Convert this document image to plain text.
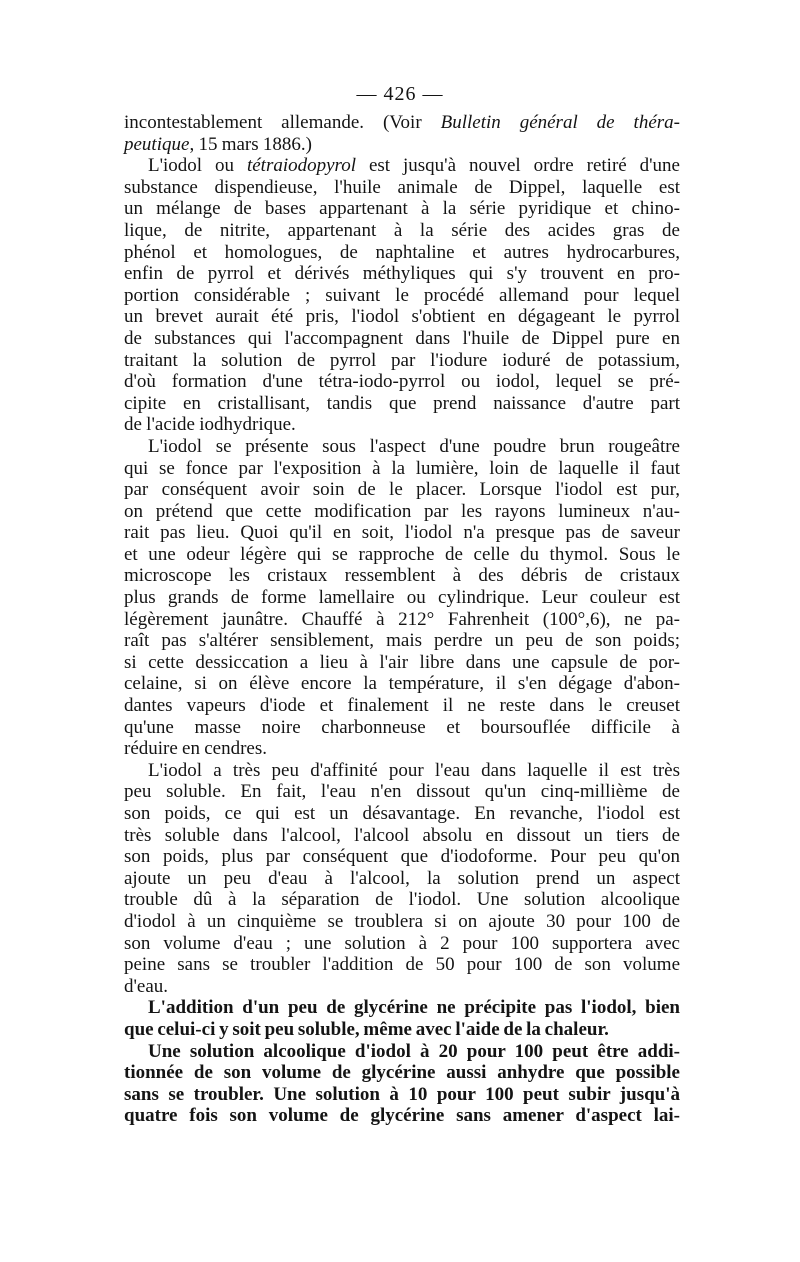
— 426 —
incontestablement allemande. (Voir Bulletin général de théra-
peutique, 15 mars 1886.)
L'iodol ou tétraiodopyrol est jusqu'à nouvel ordre retiré d'une
substance dispendieuse, l'huile animale de Dippel, laquelle est
un mélange de bases appartenant à la série pyridique et chino-
lique, de nitrite, appartenant à la série des acides gras de
phénol et homologues, de naphtaline et autres hydrocarbures,
enfin de pyrrol et dérivés méthyliques qui s'y trouvent en pro-
portion considérable ; suivant le procédé allemand pour lequel
un brevet aurait été pris, l'iodol s'obtient en dégageant le pyrrol
de substances qui l'accompagnent dans l'huile de Dippel pure en
traitant la solution de pyrrol par l'iodure ioduré de potassium,
d'où formation d'une tétra-iodo-pyrrol ou iodol, lequel se pré-
cipite en cristallisant, tandis que prend naissance d'autre part
de l'acide iodhydrique.
L'iodol se présente sous l'aspect d'une poudre brun rougeâtre
qui se fonce par l'exposition à la lumière, loin de laquelle il faut
par conséquent avoir soin de le placer. Lorsque l'iodol est pur,
on prétend que cette modification par les rayons lumineux n'au-
rait pas lieu. Quoi qu'il en soit, l'iodol n'a presque pas de saveur
et une odeur légère qui se rapproche de celle du thymol. Sous le
microscope les cristaux ressemblent à des débris de cristaux
plus grands de forme lamellaire ou cylindrique. Leur couleur est
légèrement jaunâtre. Chauffé à 212° Fahrenheit (100°,6), ne pa-
raît pas s'altérer sensiblement, mais perdre un peu de son poids;
si cette dessiccation a lieu à l'air libre dans une capsule de por-
celaine, si on élève encore la température, il s'en dégage d'abon-
dantes vapeurs d'iode et finalement il ne reste dans le creuset
qu'une masse noire charbonneuse et boursouflée difficile à
réduire en cendres.
L'iodol a très peu d'affinité pour l'eau dans laquelle il est très
peu soluble. En fait, l'eau n'en dissout qu'un cinq-millième de
son poids, ce qui est un désavantage. En revanche, l'iodol est
très soluble dans l'alcool, l'alcool absolu en dissout un tiers de
son poids, plus par conséquent que d'iodoforme. Pour peu qu'on
ajoute un peu d'eau à l'alcool, la solution prend un aspect
trouble dû à la séparation de l'iodol. Une solution alcoolique
d'iodol à un cinquième se troublera si on ajoute 30 pour 100 de
son volume d'eau ; une solution à 2 pour 100 supportera avec
peine sans se troubler l'addition de 50 pour 100 de son volume
d'eau.
L'addition d'un peu de glycérine ne précipite pas l'iodol, bien
que celui-ci y soit peu soluble, même avec l'aide de la chaleur.
Une solution alcoolique d'iodol à 20 pour 100 peut être addi-
tionnée de son volume de glycérine aussi anhydre que possible
sans se troubler. Une solution à 10 pour 100 peut subir jusqu'à
quatre fois son volume de glycérine sans amener d'aspect lai-
